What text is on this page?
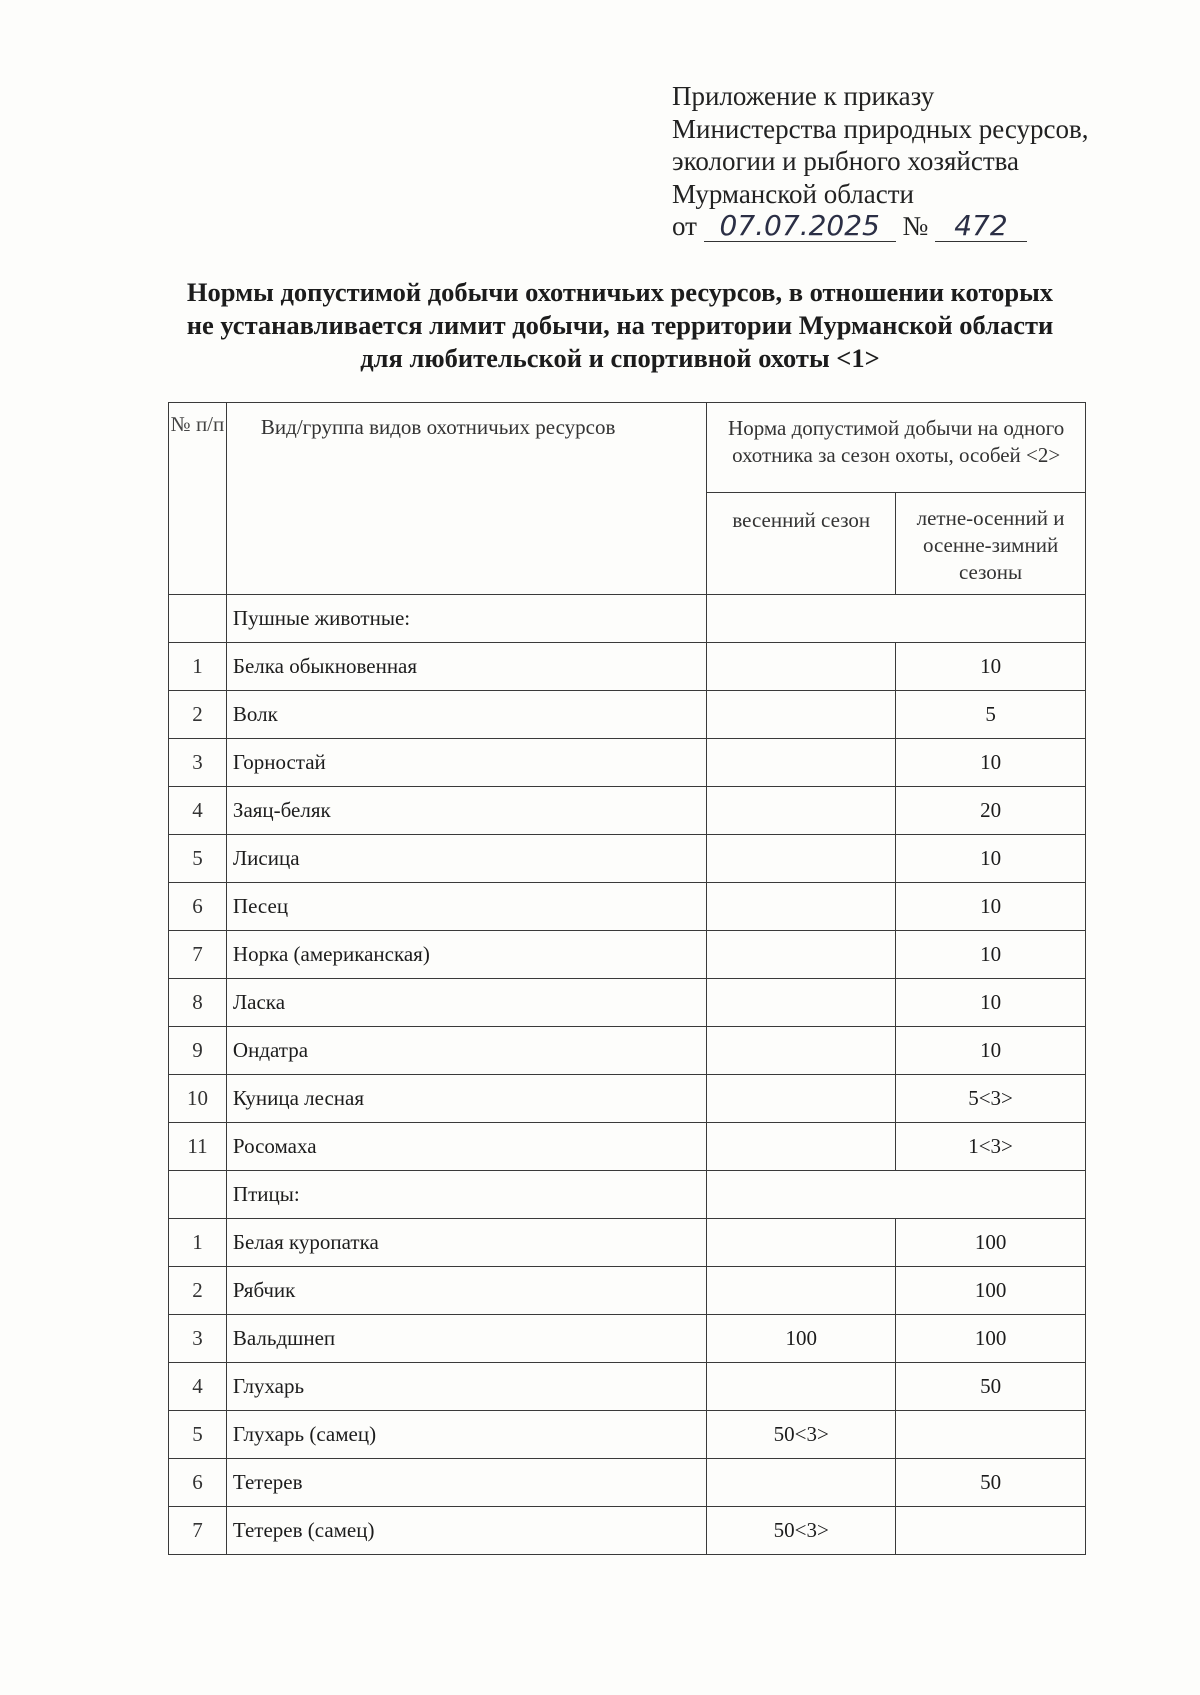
Приложение к приказу
Министерства природных ресурсов,
экологии и рыбного хозяйства
Мурманской области
от 07.07.2025 № 472
Нормы допустимой добычи охотничьих ресурсов, в отношении которых
не устанавливается лимит добычи, на территории Мурманской области
для любительской и спортивной охоты <1>
№ п/п	Вид/группа видов охотничьих ресурсов	Норма допустимой добычи на одного охотника за сезон охоты, особей <2>	
		весенний сезон	летне-осенний и осенне-зимний сезоны
	Пушные животные:		
1	Белка обыкновенная		10
2	Волк		5
3	Горностай		10
4	Заяц-беляк		20
5	Лисица		10
6	Песец		10
7	Норка (американская)		10
8	Ласка		10
9	Ондатра		10
10	Куница лесная		5<3>
11	Росомаха		1<3>
	Птицы:		
1	Белая куропатка		100
2	Рябчик		100
3	Вальдшнеп	100	100
4	Глухарь		50
5	Глухарь (самец)	50<3>	
6	Тетерев		50
7	Тетерев (самец)	50<3>	
